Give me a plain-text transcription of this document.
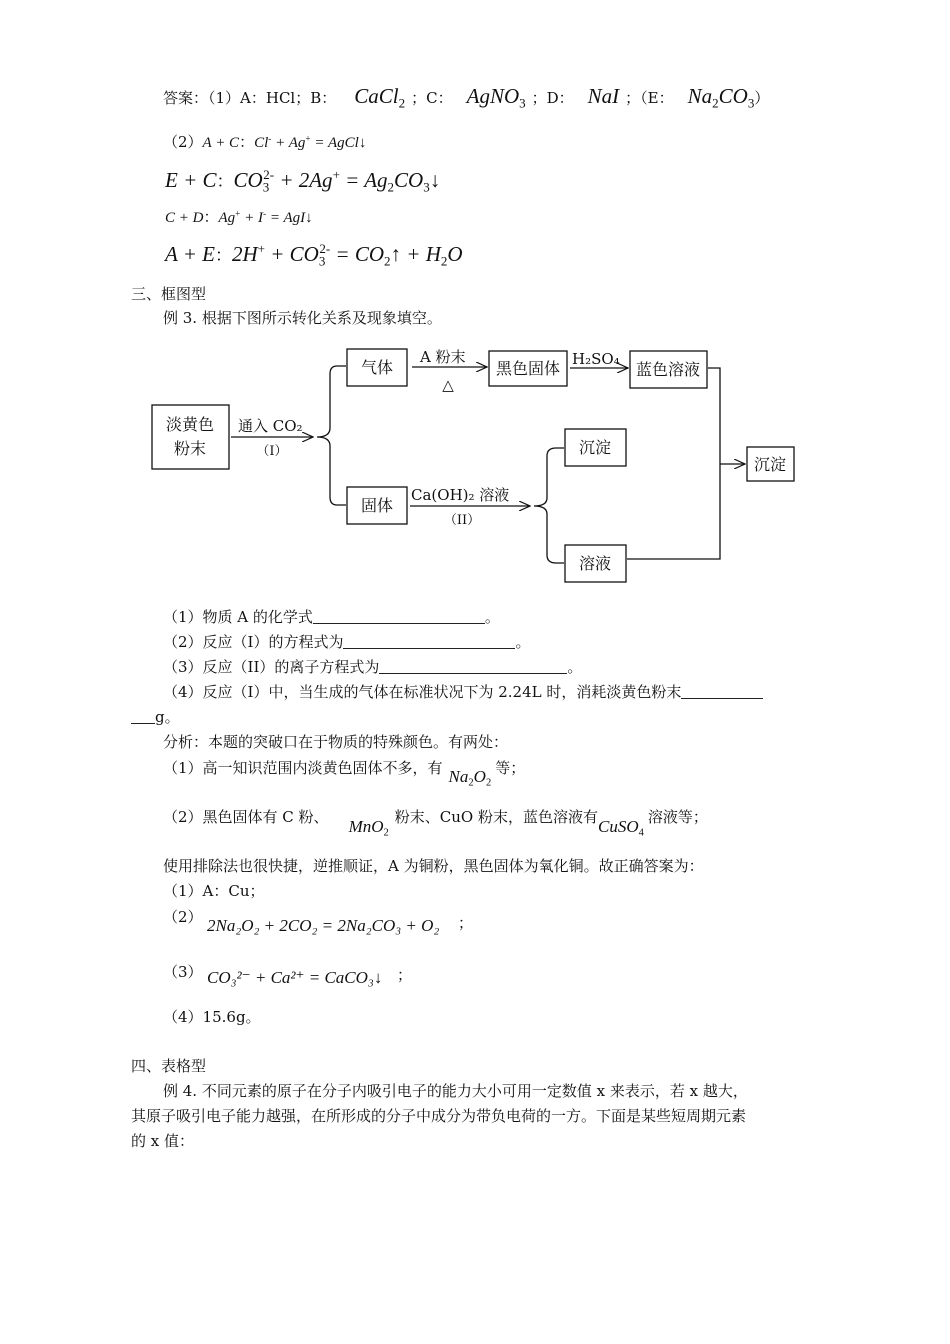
答案：（1）A：HCl；B： CaCl$_2$ ；C： AgNO$_3$ ；D： NaI ；（E： $Na_2CO_3$）
（2）A + C：Cl- + Ag+ = AgCl↓
E + C：$CO_3^{2-} + 2Ag^+$ = $Ag_2CO_3↓$
C + D：Ag+ + I- = AgI↓
A + E：$2H^+ + CO_3^{2-}$ = $CO_2↑ + H_2O$
三、框图型
例 3. 根据下图所示转化关系及现象填空。
淡黄色
粉末
气体	黑色固体	蓝色溶液
固体
沉淀
溶液
沉淀
通入 CO₂
（I）
A 粉末
△
H₂SO₄
Ca(OH)₂ 溶液
（II）
（1）物质 A 的化学式	。
（2）反应（I）的方程式为	。
（3）反应（II）的离子方程式为	。
（4）反应（I）中，当生成的气体在标准状况下为 2.24L 时，消耗淡黄色粉末
g。
分析：本题的突破口在于物质的特殊颜色。有两处：
（1）高一知识范围内淡黄色固体不多，有 $Na_2O_2$等；
（2）黑色固体有 C 粉、 MnO$_2$粉末、CuO 粉末，蓝色溶液有CuSO$_4$溶液等；
使用排除法也很快捷，逆推顺证，A 为铜粉，黑色固体为氧化铜。故正确答案为：
（1）A：Cu；
（2） 2Na₂O₂ + 2CO₂ = 2Na₂CO₃ + O₂ ；
（3） CO₃²⁻ + Ca²⁺ = CaCO₃↓ ；
（4）15.6g。
四、表格型
例 4. 不同元素的原子在分子内吸引电子的能力大小可用一定数值 x 来表示，若 x 越大，
其原子吸引电子能力越强，在所形成的分子中成分为带负电荷的一方。下面是某些短周期元素
的 x 值：
